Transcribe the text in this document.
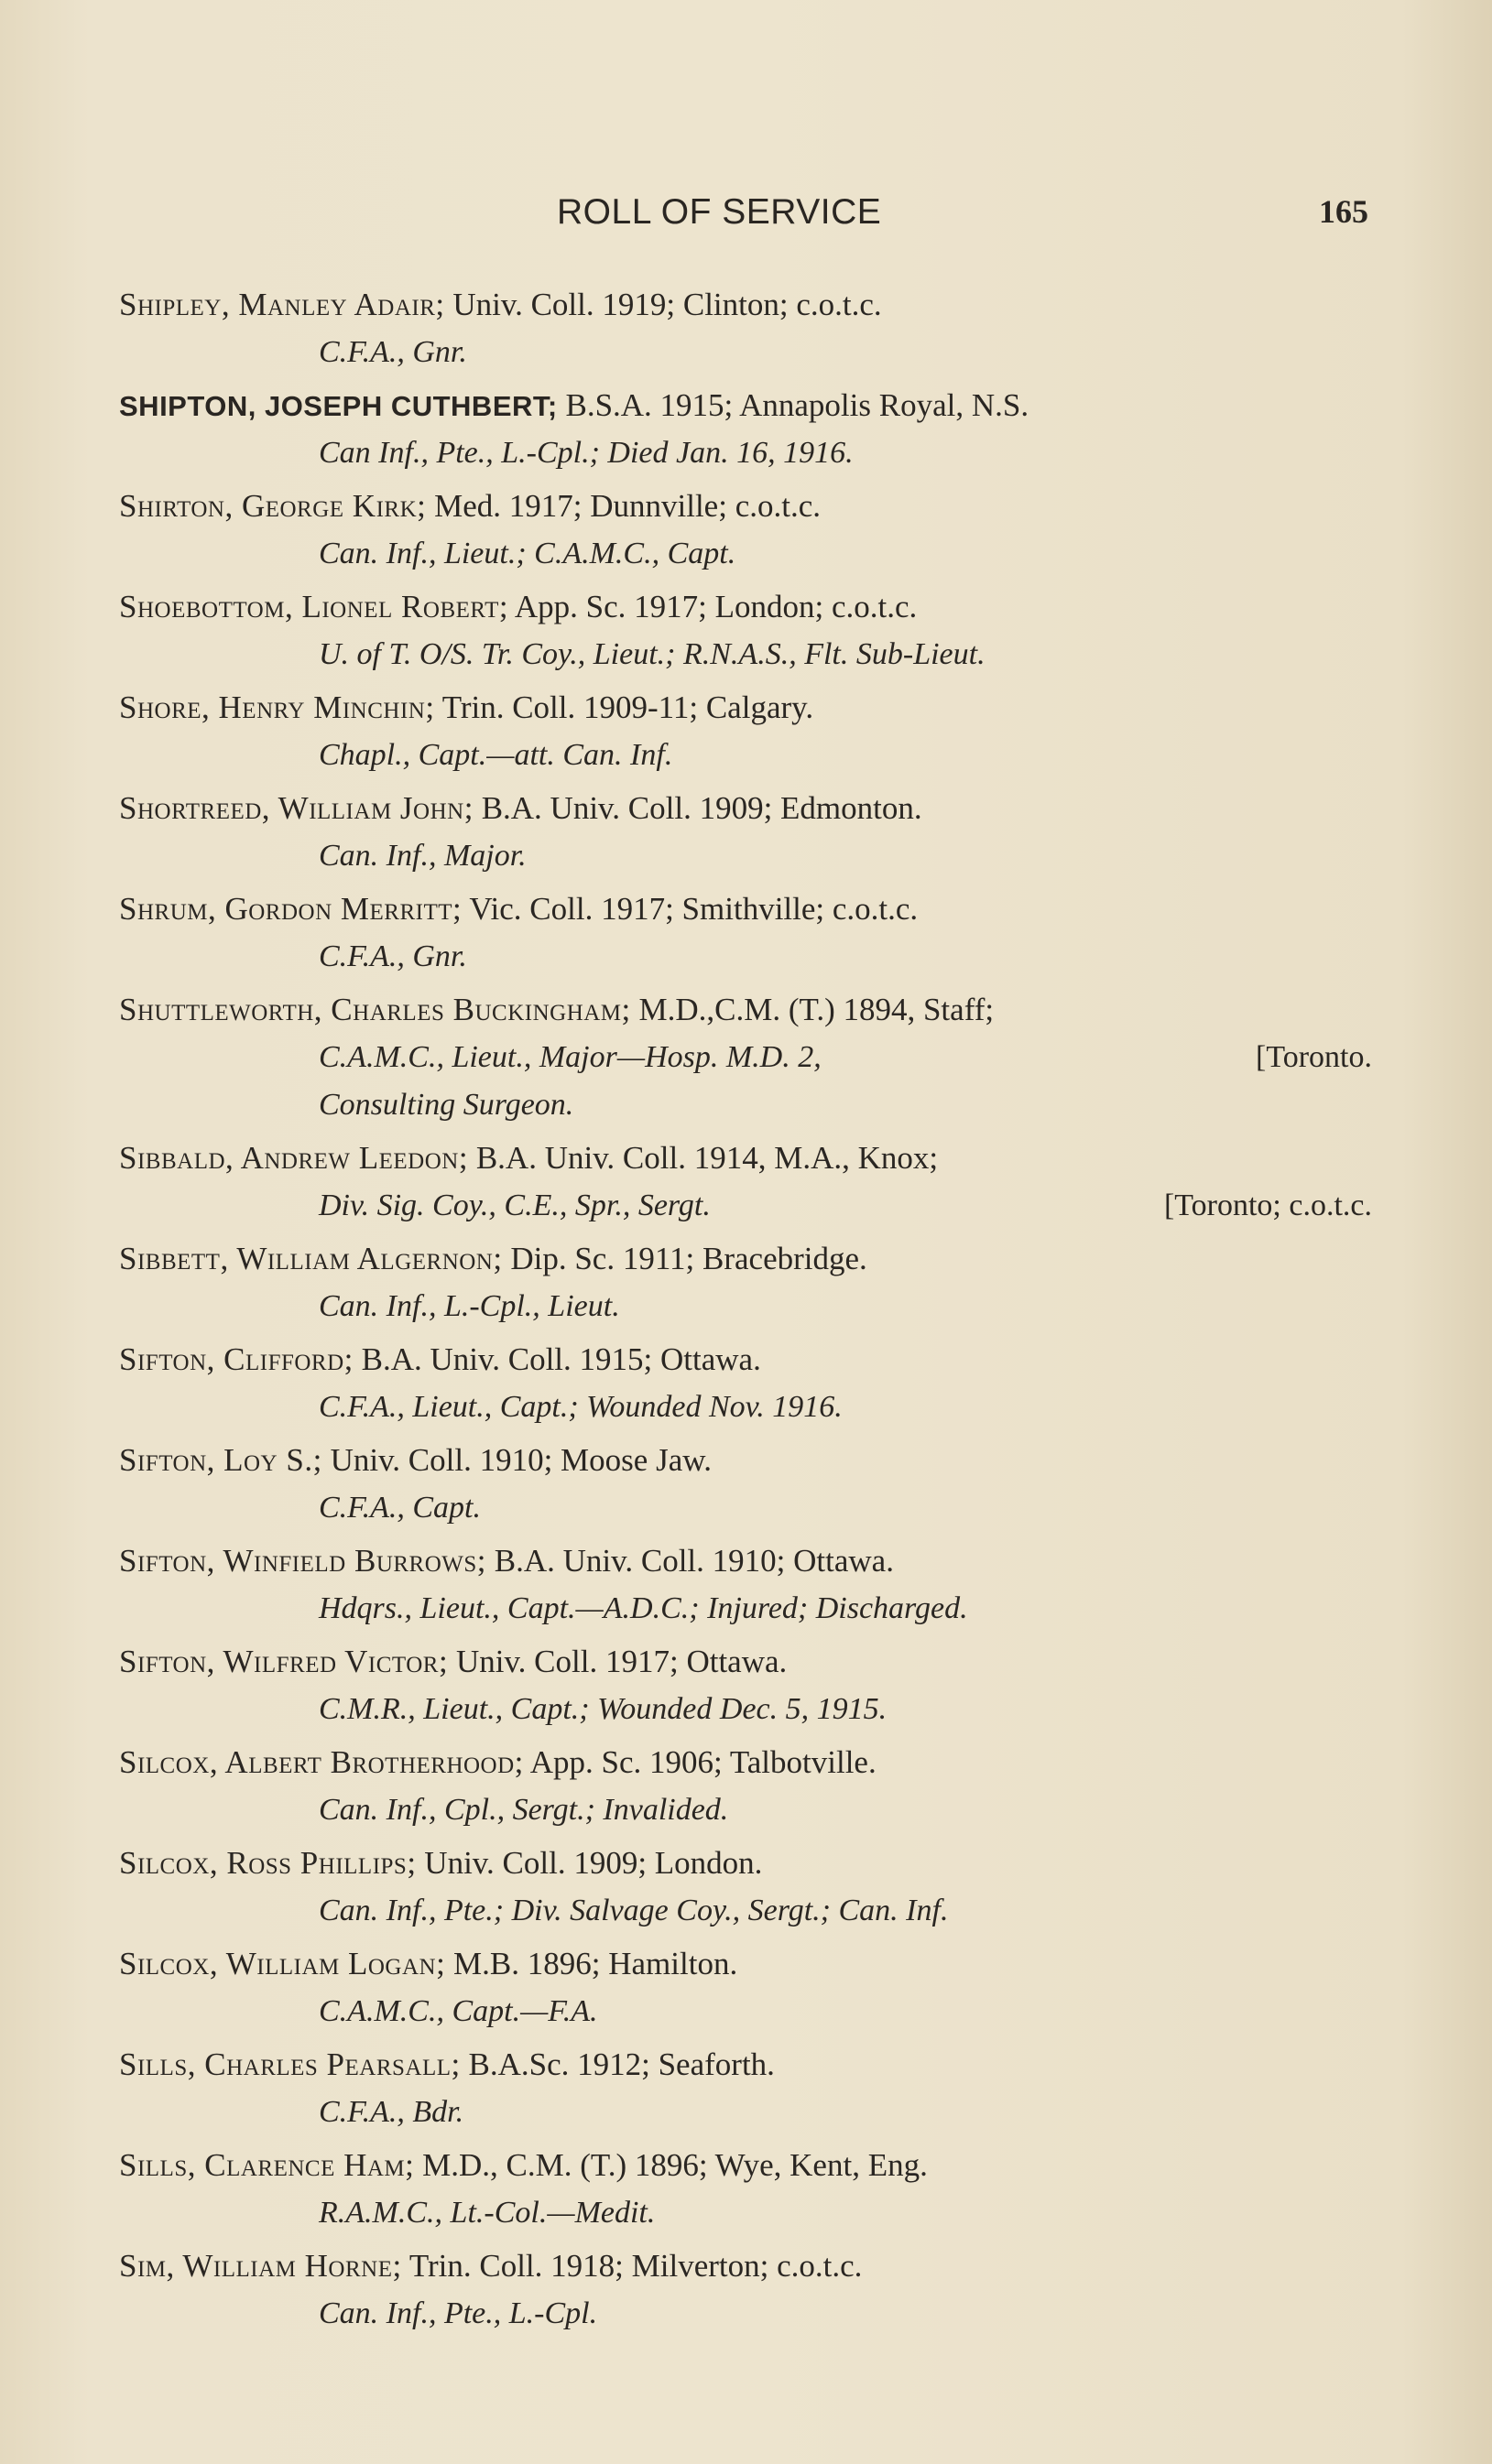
ROLL OF SERVICE	165
Shipley, Manley Adair; Univ. Coll. 1919; Clinton; c.o.t.c.
C.F.A., Gnr.
SHIPTON, JOSEPH CUTHBERT; B.S.A. 1915; Annapolis Royal, N.S.
Can Inf., Pte., L.-Cpl.; Died Jan. 16, 1916.
Shirton, George Kirk; Med. 1917; Dunnville; c.o.t.c.
Can. Inf., Lieut.; C.A.M.C., Capt.
Shoebottom, Lionel Robert; App. Sc. 1917; London; c.o.t.c.
U. of T. O/S. Tr. Coy., Lieut.; R.N.A.S., Flt. Sub-Lieut.
Shore, Henry Minchin; Trin. Coll. 1909-11; Calgary.
Chapl., Capt.—att. Can. Inf.
Shortreed, William John; B.A. Univ. Coll. 1909; Edmonton.
Can. Inf., Major.
Shrum, Gordon Merritt; Vic. Coll. 1917; Smithville; c.o.t.c.
C.F.A., Gnr.
Shuttleworth, Charles Buckingham; M.D.,C.M. (T.) 1894, Staff;
C.A.M.C., Lieut., Major—Hosp. M.D. 2,	[Toronto.
Consulting Surgeon.
Sibbald, Andrew Leedon; B.A. Univ. Coll. 1914, M.A., Knox;
Div. Sig. Coy., C.E., Spr., Sergt.	[Toronto; c.o.t.c.
Sibbett, William Algernon; Dip. Sc. 1911; Bracebridge.
Can. Inf., L.-Cpl., Lieut.
Sifton, Clifford; B.A. Univ. Coll. 1915; Ottawa.
C.F.A., Lieut., Capt.; Wounded Nov. 1916.
Sifton, Loy S.; Univ. Coll. 1910; Moose Jaw.
C.F.A., Capt.
Sifton, Winfield Burrows; B.A. Univ. Coll. 1910; Ottawa.
Hdqrs., Lieut., Capt.—A.D.C.; Injured; Discharged.
Sifton, Wilfred Victor; Univ. Coll. 1917; Ottawa.
C.M.R., Lieut., Capt.; Wounded Dec. 5, 1915.
Silcox, Albert Brotherhood; App. Sc. 1906; Talbotville.
Can. Inf., Cpl., Sergt.; Invalided.
Silcox, Ross Phillips; Univ. Coll. 1909; London.
Can. Inf., Pte.; Div. Salvage Coy., Sergt.; Can. Inf.
Silcox, William Logan; M.B. 1896; Hamilton.
C.A.M.C., Capt.—F.A.
Sills, Charles Pearsall; B.A.Sc. 1912; Seaforth.
C.F.A., Bdr.
Sills, Clarence Ham; M.D., C.M. (T.) 1896; Wye, Kent, Eng.
R.A.M.C., Lt.-Col.—Medit.
Sim, William Horne; Trin. Coll. 1918; Milverton; c.o.t.c.
Can. Inf., Pte., L.-Cpl.
